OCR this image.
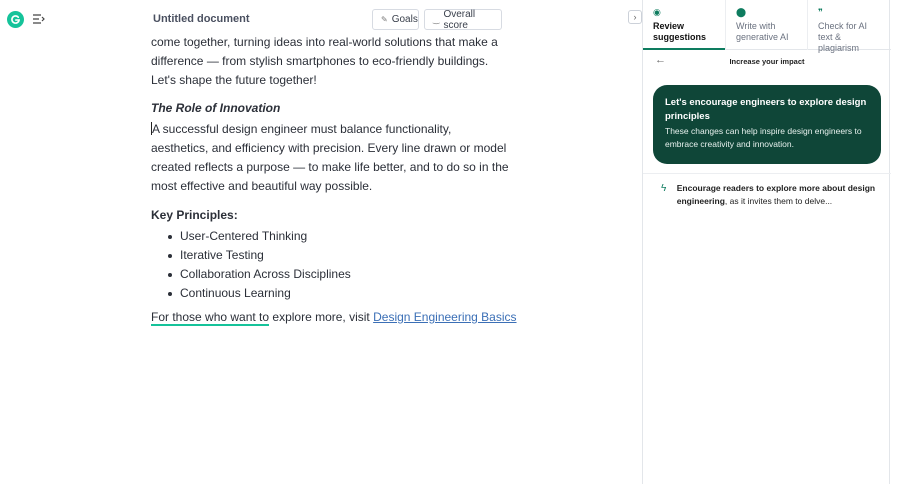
Untitled document	✎ Goals ‿ Overall score
come together, turning ideas into real-world solutions that make a difference — from stylish smartphones to eco-friendly buildings. Let's shape the future together!
The Role of Innovation
A successful design engineer must balance functionality, aesthetics, and efficiency with precision. Every line drawn or model created reflects a purpose — to make life better, and to do so in the most effective and beautiful way possible.
Key Principles:
User-Centered Thinking
Iterative Testing
Collaboration Across Disciplines
Continuous Learning
For those who want to explore more, visit Design Engineering Basics
› ◉
Review suggestions
⬤
Write with generative AI
❞
Check for AI text & plagiarism
←	Increase your impact
Let's encourage engineers to explore design principles
These changes can help inspire design engineers to embrace creativity and innovation.
ϟ Encourage readers to explore more about design engineering, as it invites them to delve...
